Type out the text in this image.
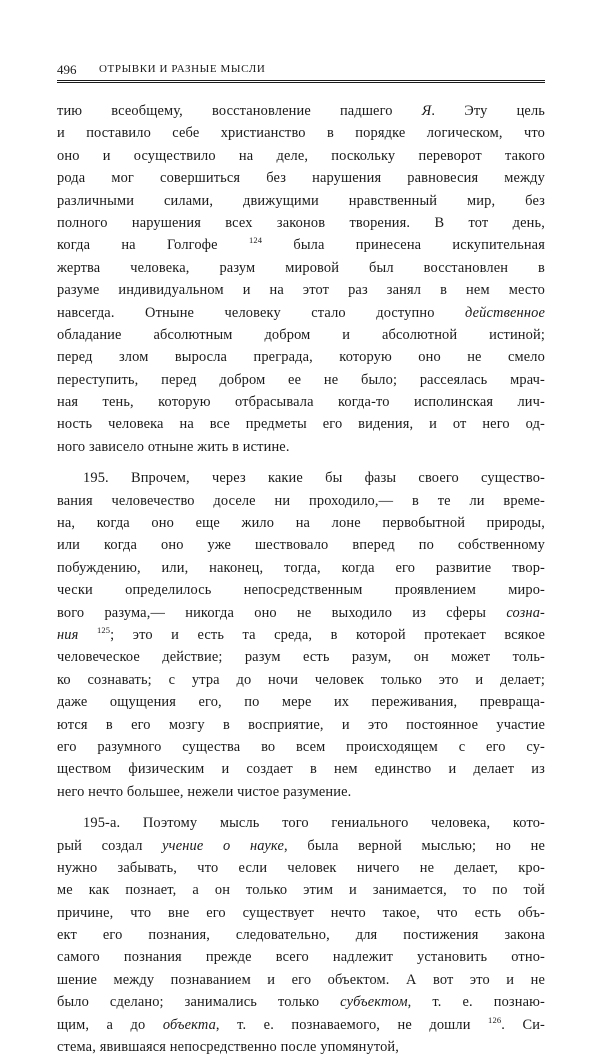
496 ОТРЫВКИ И РАЗНЫЕ МЫСЛИ
тию всеобщему, восстановление падшего Я. Эту цель
и поставило себе христианство в порядке логическом, что
оно и осуществило на деле, поскольку переворот такого
рода мог совершиться без нарушения равновесия между
различными силами, движущими нравственный мир, без
полного нарушения всех законов творения. В тот день,
когда на Голгофе $^{124}$ была принесена искупительная
жертва человека, разум мировой был восстановлен в
разуме индивидуальном и на этот раз занял в нем место
навсегда. Отныне человеку стало доступно действенное
обладание абсолютным добром и абсолютной истиной;
перед злом выросла преграда, которую оно не смело
переступить, перед добром ее не было; рассеялась мрач-
ная тень, которую отбрасывала когда-то исполинская лич-
ность человека на все предметы его видения, и от него од-
ного зависело отныне жить в истине.
195. Впрочем, через какие бы фазы своего существо-
вания человечество доселе ни проходило,— в те ли време-
на, когда оно еще жило на лоне первобытной природы,
или когда оно уже шествовало вперед по собственному
побуждению, или, наконец, тогда, когда его развитие твор-
чески определилось непосредственным проявлением миро-
вого разума,— никогда оно не выходило из сферы созна-
ния $^{125}$; это и есть та среда, в которой протекает всякое
человеческое действие; разум есть разум, он может толь-
ко сознавать; с утра до ночи человек только это и делает;
даже ощущения его, по мере их переживания, превраща-
ются в его мозгу в восприятие, и это постоянное участие
его разумного существа во всем происходящем с его су-
ществом физическим и создает в нем единство и делает из
него нечто большее, нежели чистое разумение.
195-а. Поэтому мысль того гениального человека, кото-
рый создал учение о науке, была верной мыслью; но не
нужно забывать, что если человек ничего не делает, кро-
ме как познает, а он только этим и занимается, то по той
причине, что вне его существует нечто такое, что есть объ-
ект его познания, следовательно, для постижения закона
самого познания прежде всего надлежит установить отно-
шение между познаванием и его объектом. А вот это и не
было сделано; занимались только субъектом, т. е. познаю-
щим, а до объекта, т. е. познаваемого, не дошли $^{126}$. Си-
стема, явившаяся непосредственно после упомянутой,
